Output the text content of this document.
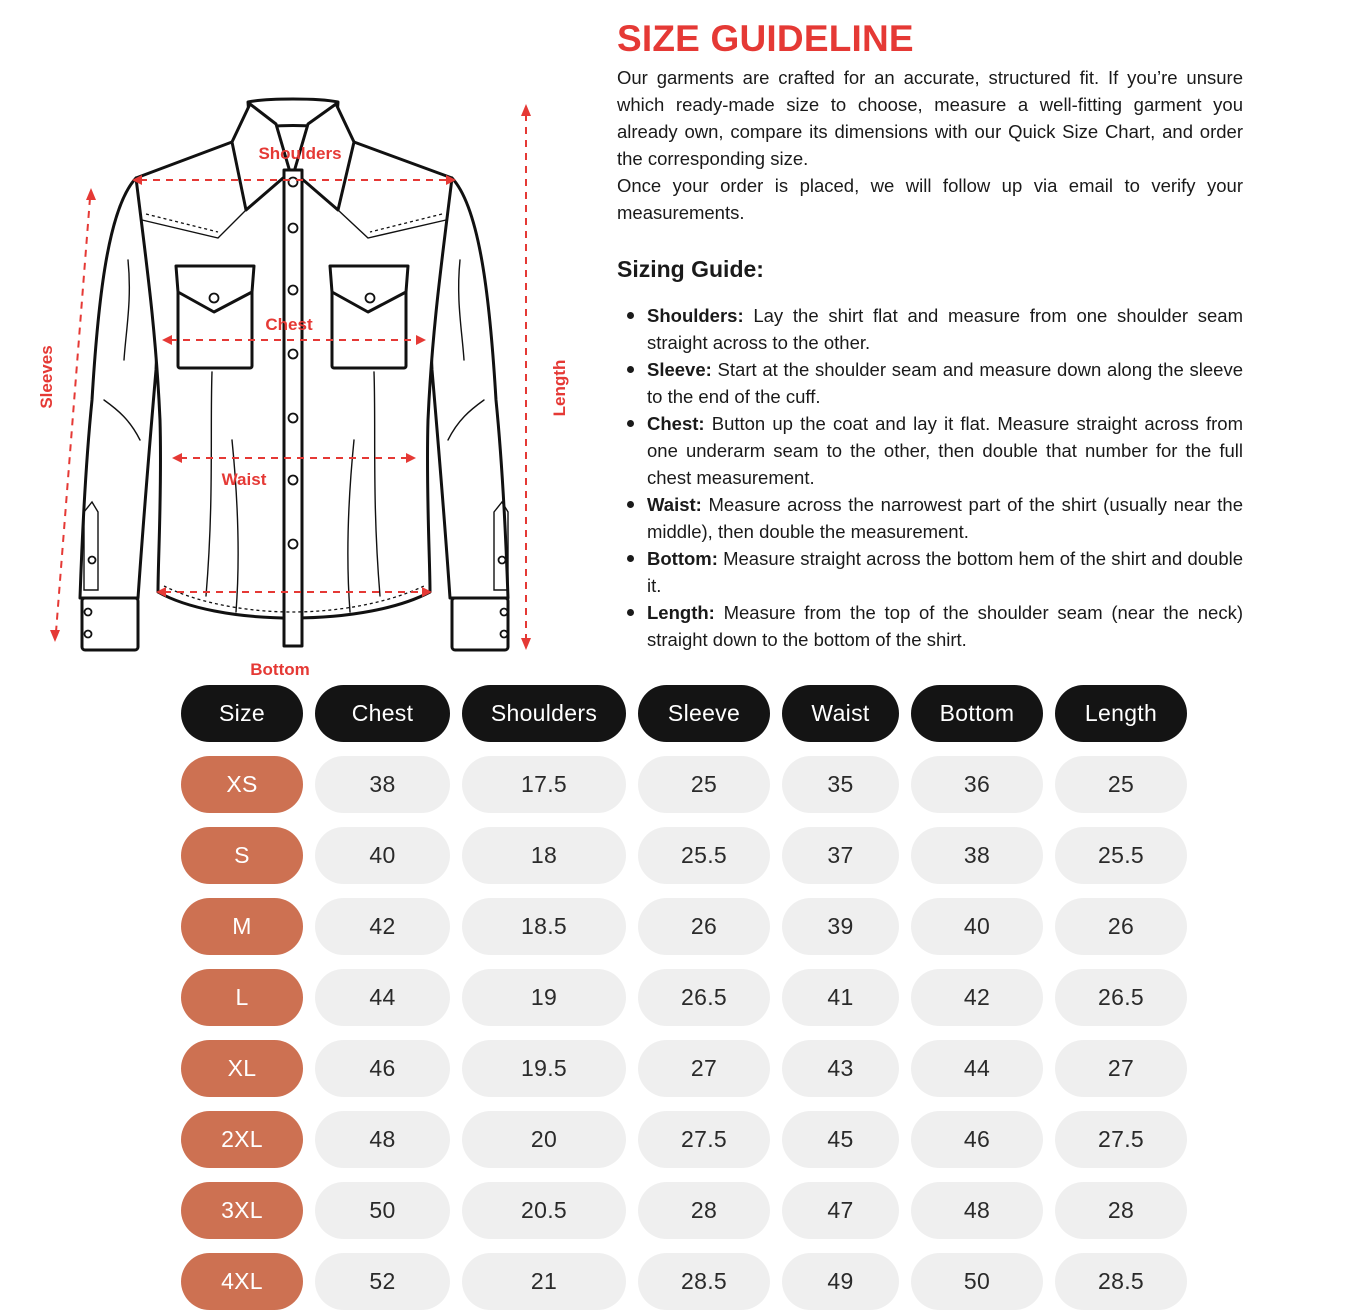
Shoulders
Chest
Waist
Bottom
Sleeves	Length
SIZE GUIDELINE

Our garments are crafted for an accurate, structured fit. If you’re unsure which ready-made size to choose, measure a well-fitting garment you already own, compare its dimensions with our Quick Size Chart, and order the corresponding size.
Once your order is placed, we will follow up via email to verify your measurements.

Sizing Guide:
Shoulders: Lay the shirt flat and measure from one shoulder seam straight across to the other.
Sleeve: Start at the shoulder seam and measure down along the sleeve to the end of the cuff.
Chest: Button up the coat and lay it flat. Measure straight across from one underarm seam to the other, then double that number for the full chest measurement.
Waist: Measure across the narrowest part of the shirt (usually near the middle), then double the measurement.
Bottom: Measure straight across the bottom hem of the shirt and double it.
Length: Measure from the top of the shoulder seam (near the neck) straight down to the bottom of the shirt.
Size	Chest	Shoulders	Sleeve	Waist	Bottom	Length
XS	38	17.5	25	35	36	25
S	40	18	25.5	37	38	25.5
M	42	18.5	26	39	40	26
L	44	19	26.5	41	42	26.5
XL	46	19.5	27	43	44	27
2XL	48	20	27.5	45	46	27.5
3XL	50	20.5	28	47	48	28
4XL	52	21	28.5	49	50	28.5
